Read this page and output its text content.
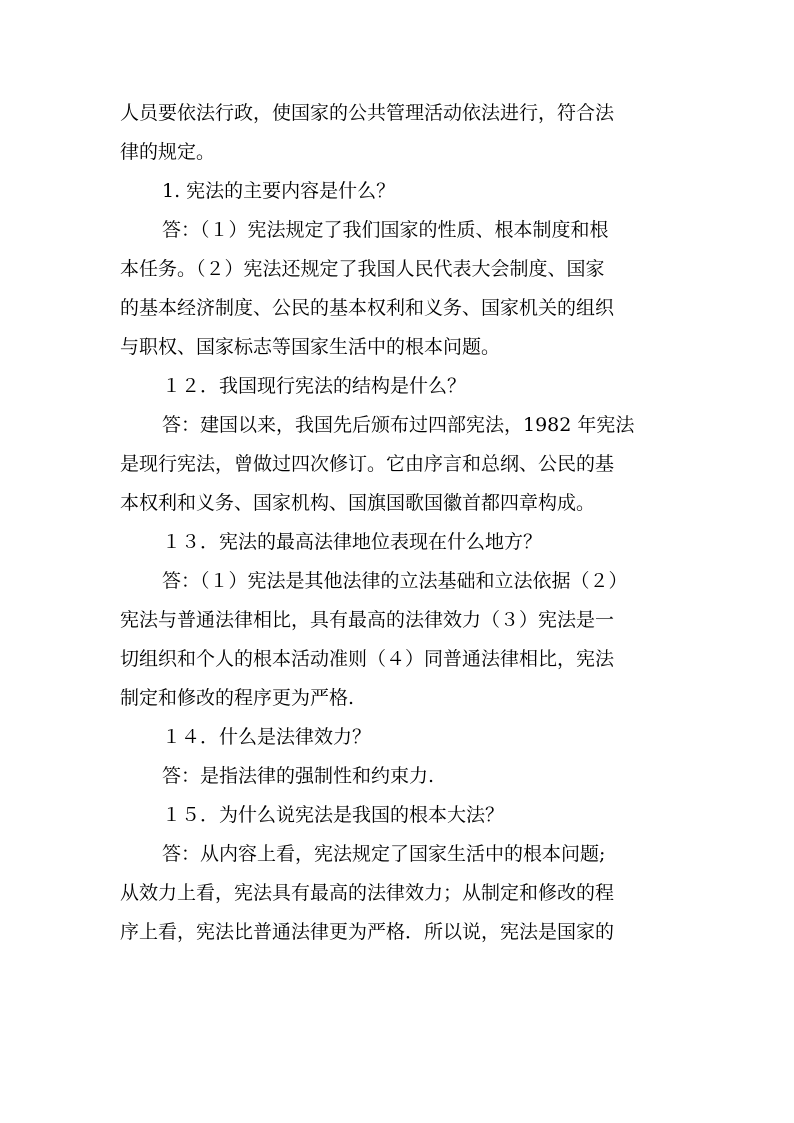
人员要依法行政，使国家的公共管理活动依法进行，符合法
律的规定。
1. 宪法的主要内容是什么？
答：（１）宪法规定了我们国家的性质、根本制度和根
本任务。（２）宪法还规定了我国人民代表大会制度、国家
的基本经济制度、公民的基本权利和义务、国家机关的组织
与职权、国家标志等国家生活中的根本问题。
１２．我国现行宪法的结构是什么？
答：建国以来，我国先后颁布过四部宪法，1982 年宪法
是现行宪法，曾做过四次修订。它由序言和总纲、公民的基
本权利和义务、国家机构、国旗国歌国徽首都四章构成。
１３．宪法的最高法律地位表现在什么地方？
答：（１）宪法是其他法律的立法基础和立法依据（２）
宪法与普通法律相比，具有最高的法律效力（３）宪法是一
切组织和个人的根本活动准则（４）同普通法律相比，宪法
制定和修改的程序更为严格.
１４．什么是法律效力？
答：是指法律的强制性和约束力.
１５．为什么说宪法是我国的根本大法？
答：从内容上看，宪法规定了国家生活中的根本问题;
从效力上看，宪法具有最高的法律效力；从制定和修改的程
序上看，宪法比普通法律更为严格．所以说，宪法是国家的
